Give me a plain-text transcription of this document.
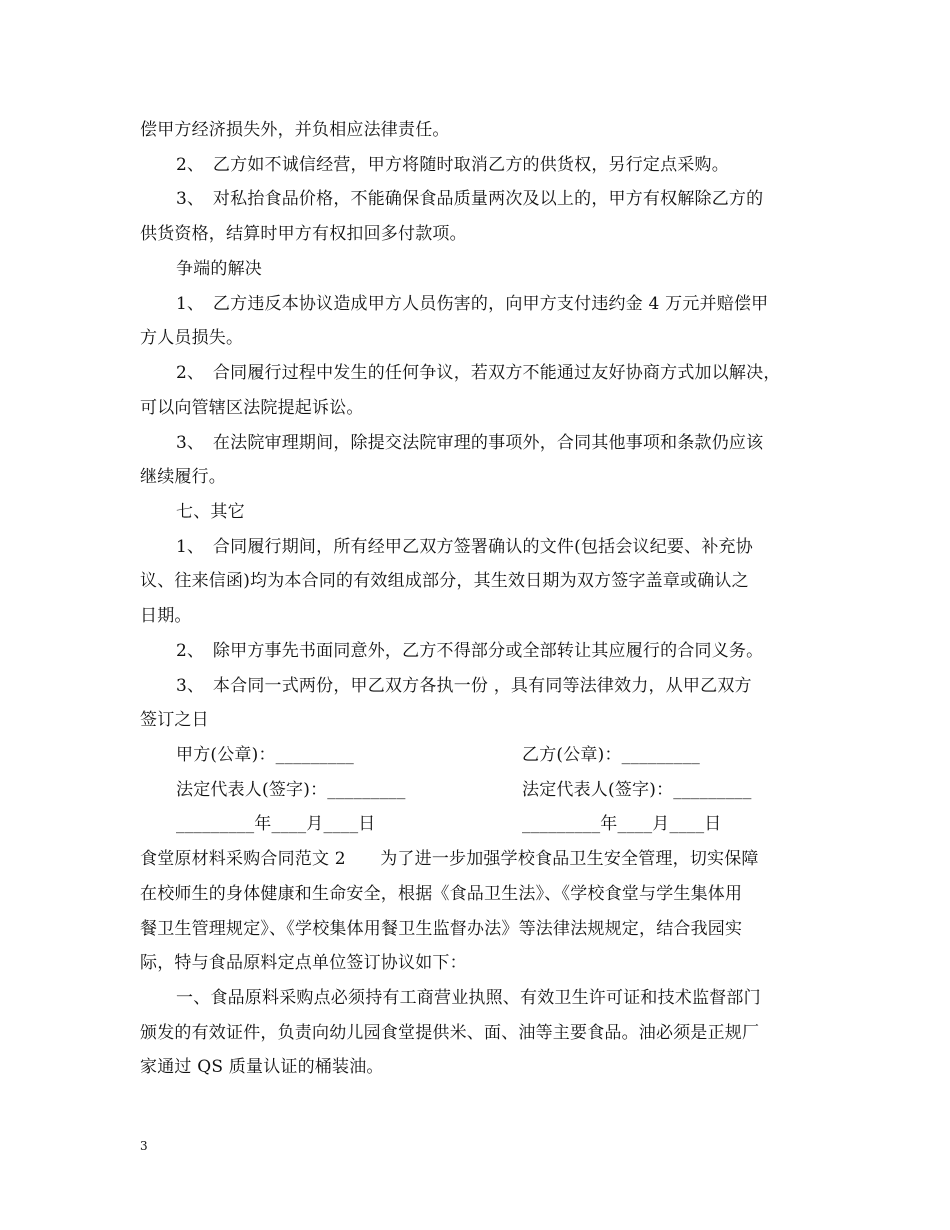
偿甲方经济损失外，并负相应法律责任。
2、　乙方如不诚信经营，甲方将随时取消乙方的供货权，另行定点采购。
3、　对私抬食品价格，不能确保食品质量两次及以上的，甲方有权解除乙方的
供货资格，结算时甲方有权扣回多付款项。
争端的解决
1、　乙方违反本协议造成甲方人员伤害的，向甲方支付违约金 4 万元并赔偿甲
方人员损失。
2、　合同履行过程中发生的任何争议，若双方不能通过友好协商方式加以解决，
可以向管辖区法院提起诉讼。
3、　在法院审理期间，除提交法院审理的事项外，合同其他事项和条款仍应该
继续履行。
七、其它
1、　合同履行期间，所有经甲乙双方签署确认的文件(包括会议纪要、补充协
议、往来信函)均为本合同的有效组成部分，其生效日期为双方签字盖章或确认之
日期。
2、　除甲方事先书面同意外，乙方不得部分或全部转让其应履行的合同义务。
3、　本合同一式两份，甲乙双方各执一份 ，具有同等法律效力，从甲乙双方
签订之日
甲方(公章)：_________	乙方(公章)：_________
法定代表人(签字)：_________	法定代表人(签字)：_________
_________年____月____日	_________年____月____日
食堂原材料采购合同范文 2　　为了进一步加强学校食品卫生安全管理，切实保障
在校师生的身体健康和生命安全，根据《食品卫生法》、《学校食堂与学生集体用
餐卫生管理规定》、《学校集体用餐卫生监督办法》等法律法规规定，结合我园实
际，特与食品原料定点单位签订协议如下：
一、食品原料采购点必须持有工商营业执照、有效卫生许可证和技术监督部门
颁发的有效证件，负责向幼儿园食堂提供米、面、油等主要食品。油必须是正规厂
家通过 QS 质量认证的桶装油。
3
